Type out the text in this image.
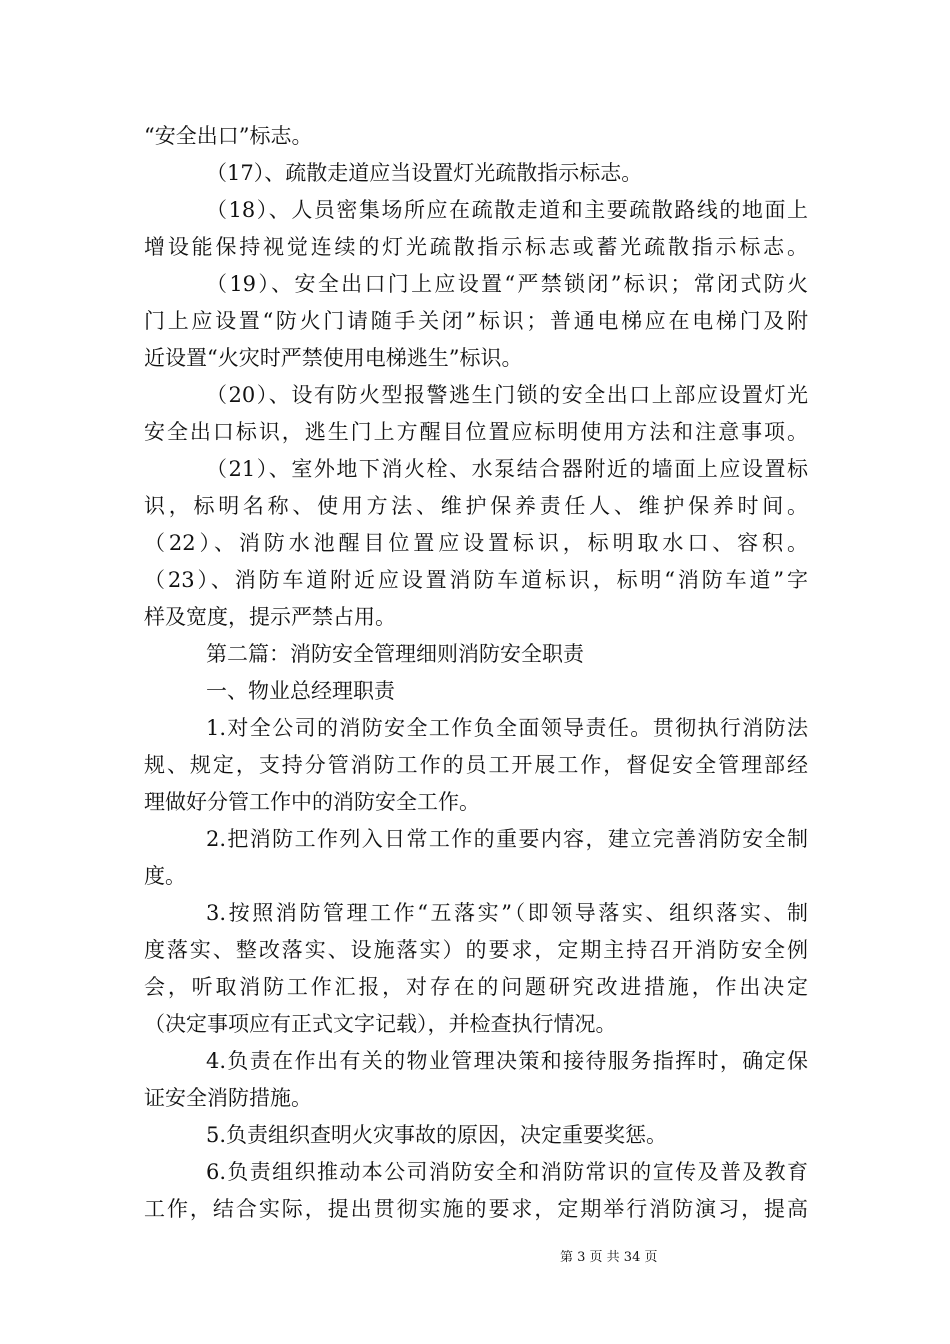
“安全出口”标志。
（17）、疏散走道应当设置灯光疏散指示标志。
（18）、人员密集场所应在疏散走道和主要疏散路线的地面上
增设能保持视觉连续的灯光疏散指示标志或蓄光疏散指示标志。
（19）、安全出口门上应设置“严禁锁闭”标识；常闭式防火
门上应设置“防火门请随手关闭”标识；普通电梯应在电梯门及附
近设置“火灾时严禁使用电梯逃生”标识。
（20）、设有防火型报警逃生门锁的安全出口上部应设置灯光
安全出口标识，逃生门上方醒目位置应标明使用方法和注意事项。
（21）、室外地下消火栓、水泵结合器附近的墙面上应设置标
识，标明名称、使用方法、维护保养责任人、维护保养时间。
（22）、消防水池醒目位置应设置标识，标明取水口、容积。
（23）、消防车道附近应设置消防车道标识，标明“消防车道”字
样及宽度，提示严禁占用。
第二篇：消防安全管理细则消防安全职责
一、物业总经理职责
1.对全公司的消防安全工作负全面领导责任。贯彻执行消防法
规、规定，支持分管消防工作的员工开展工作，督促安全管理部经
理做好分管工作中的消防安全工作。
2.把消防工作列入日常工作的重要内容，建立完善消防安全制
度。
3.按照消防管理工作“五落实”（即领导落实、组织落实、制
度落实、整改落实、设施落实）的要求，定期主持召开消防安全例
会，听取消防工作汇报，对存在的问题研究改进措施，作出决定
（决定事项应有正式文字记载），并检查执行情况。
4.负责在作出有关的物业管理决策和接待服务指挥时，确定保
证安全消防措施。
5.负责组织查明火灾事故的原因，决定重要奖惩。
6.负责组织推动本公司消防安全和消防常识的宣传及普及教育
工作，结合实际，提出贯彻实施的要求，定期举行消防演习，提高
第 3 页 共 34 页
